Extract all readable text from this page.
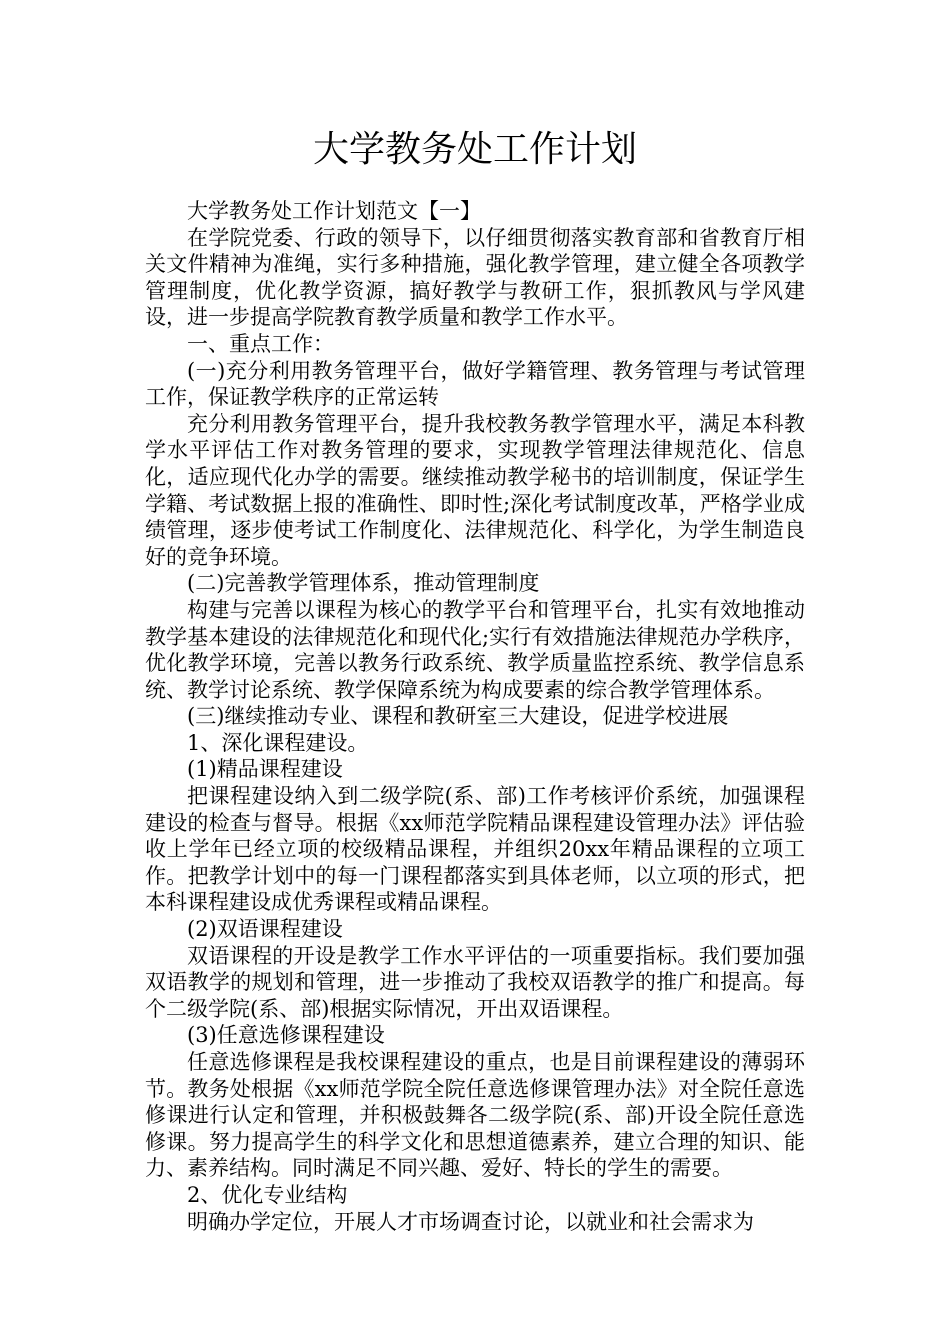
大学教务处工作计划

大学教务处工作计划范文【一】

在学院党委、行政的领导下，以仔细贯彻落实教育部和省教育厅相关文件精神为准绳，实行多种措施，强化教学管理，建立健全各项教学管理制度，优化教学资源，搞好教学与教研工作，狠抓教风与学风建设，进一步提高学院教育教学质量和教学工作水平。

一、重点工作：

(一)充分利用教务管理平台，做好学籍管理、教务管理与考试管理工作，保证教学秩序的正常运转

充分利用教务管理平台，提升我校教务教学管理水平，满足本科教学水平评估工作对教务管理的要求，实现教学管理法律规范化、信息化，适应现代化办学的需要。继续推动教学秘书的培训制度，保证学生学籍、考试数据上报的准确性、即时性;深化考试制度改革，严格学业成绩管理，逐步使考试工作制度化、法律规范化、科学化，为学生制造良好的竞争环境。

(二)完善教学管理体系，推动管理制度

构建与完善以课程为核心的教学平台和管理平台，扎实有效地推动教学基本建设的法律规范化和现代化;实行有效措施法律规范办学秩序，优化教学环境，完善以教务行政系统、教学质量监控系统、教学信息系统、教学讨论系统、教学保障系统为构成要素的综合教学管理体系。

(三)继续推动专业、课程和教研室三大建设，促进学校进展

1、深化课程建设。

(1)精品课程建设

把课程建设纳入到二级学院(系、部)工作考核评价系统，加强课程建设的检查与督导。根据《xx师范学院精品课程建设管理办法》评估验收上学年已经立项的校级精品课程，并组织20xx年精品课程的立项工作。把教学计划中的每一门课程都落实到具体老师，以立项的形式，把本科课程建设成优秀课程或精品课程。

(2)双语课程建设

双语课程的开设是教学工作水平评估的一项重要指标。我们要加强双语教学的规划和管理，进一步推动了我校双语教学的推广和提高。每个二级学院(系、部)根据实际情况，开出双语课程。

(3)任意选修课程建设

任意选修课程是我校课程建设的重点，也是目前课程建设的薄弱环节。教务处根据《xx师范学院全院任意选修课管理办法》对全院任意选修课进行认定和管理，并积极鼓舞各二级学院(系、部)开设全院任意选修课。努力提高学生的科学文化和思想道德素养，建立合理的知识、能力、素养结构。同时满足不同兴趣、爱好、特长的学生的需要。

2、优化专业结构

明确办学定位，开展人才市场调查讨论，以就业和社会需求为
